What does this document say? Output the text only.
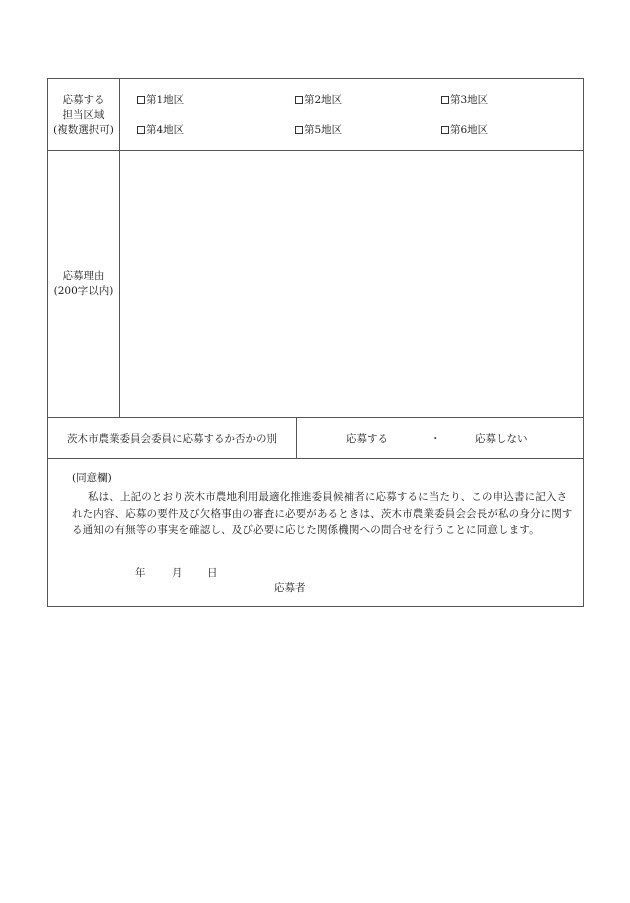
応募する
担当区域
(複数選択可)
第1地区	第2地区	第3地区
第4地区	第5地区	第6地区
応募理由
(200字以内)
茨木市農業委員会委員に応募するか否かの別	応募する	・	応募しない
(同意欄)
私は、上記のとおり茨木市農地利用最適化推進委員候補者に応募するに当たり、この申込書に記入された内容、応募の要件及び欠格事由の審査に必要があるときは、茨木市農業委員会会長が私の身分に関する通知の有無等の事実を確認し、及び必要に応じた関係機関への問合せを行うことに同意します。
年	月 日
応募者
